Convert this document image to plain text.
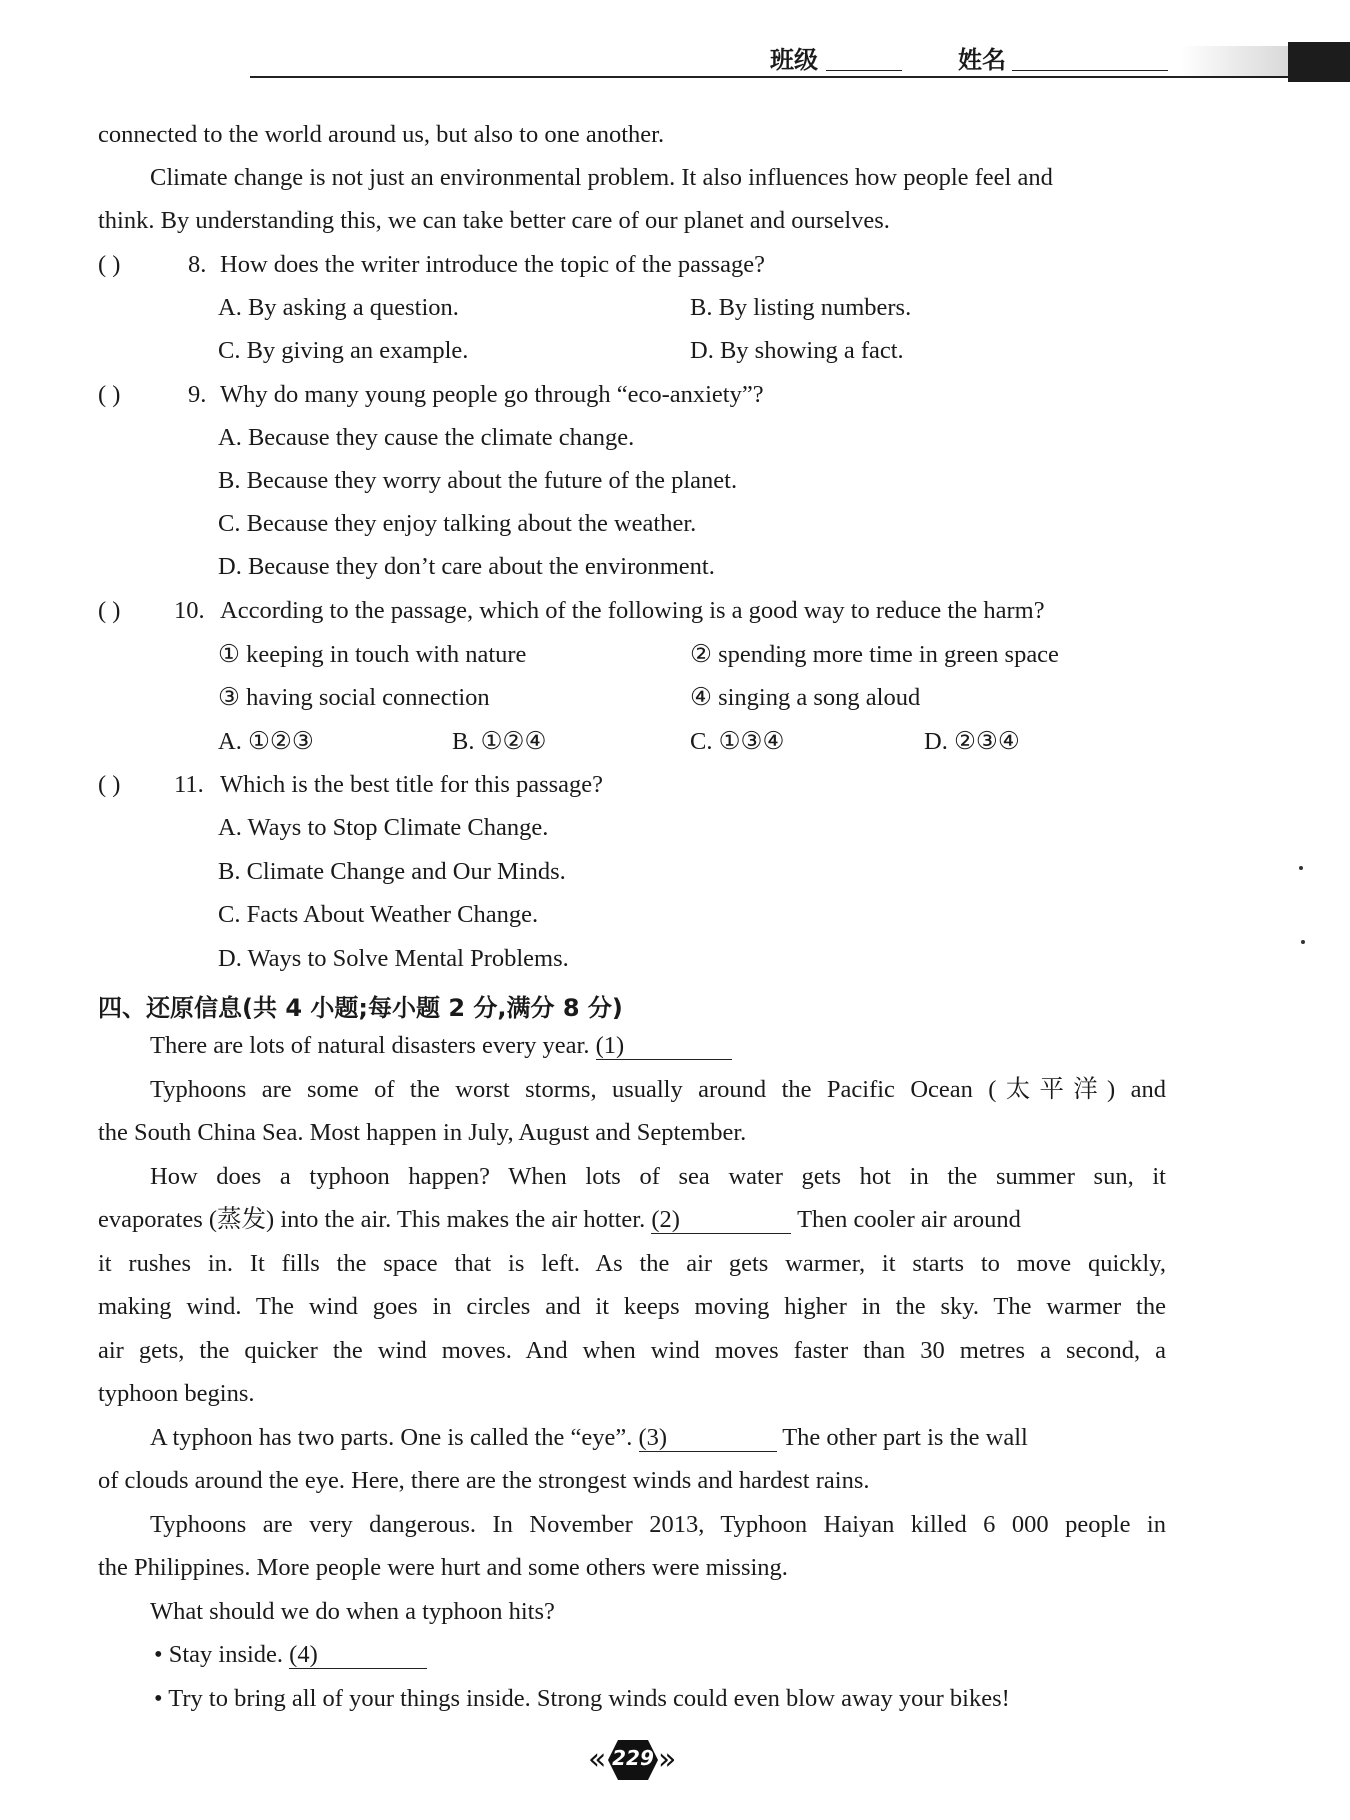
班级	姓名
connected to the world around us, but also to one another.
Climate change is not just an environmental problem. It also influences how people feel and
think. By understanding this, we can take better care of our planet and ourselves.
( )	8. How does the writer introduce the topic of the passage?
A. By asking a question.	B. By listing numbers.
C. By giving an example.	D. By showing a fact.
( )	9. Why do many young people go through “eco-anxiety”?
A. Because they cause the climate change.
B. Because they worry about the future of the planet.
C. Because they enjoy talking about the weather.
D. Because they don’t care about the environment.
( ) 10. According to the passage, which of the following is a good way to reduce the harm?
① keeping in touch with nature	② spending more time in green space
③ having social connection	④ singing a song aloud
A. ①②③	B. ①②④	C. ①③④	D. ②③④
( ) 11. Which is the best title for this passage?
A. Ways to Stop Climate Change.
B. Climate Change and Our Minds.
C. Facts About Weather Change.
D. Ways to Solve Mental Problems.
四、还原信息(共 4 小题;每小题 2 分,满分 8 分)
There are lots of natural disasters every year. (1)
Typhoons are some of the worst storms, usually around the Pacific Ocean (太平洋) and
the South China Sea. Most happen in July, August and September.
How does a typhoon happen? When lots of sea water gets hot in the summer sun, it
evaporates (蒸发) into the air. This makes the air hotter. (2)	Then cooler air around
it rushes in. It fills the space that is left. As the air gets warmer, it starts to move quickly,
making wind. The wind goes in circles and it keeps moving higher in the sky. The warmer the
air gets, the quicker the wind moves. And when wind moves faster than 30 metres a second, a
typhoon begins.
A typhoon has two parts. One is called the “eye”. (3)	The other part is the wall
of clouds around the eye. Here, there are the strongest winds and hardest rains.
Typhoons are very dangerous. In November 2013, Typhoon Haiyan killed 6 000 people in
the Philippines. More people were hurt and some others were missing.
What should we do when a typhoon hits?
• Stay inside. (4)
• Try to bring all of your things inside. Strong winds could even blow away your bikes!
« 229 »
